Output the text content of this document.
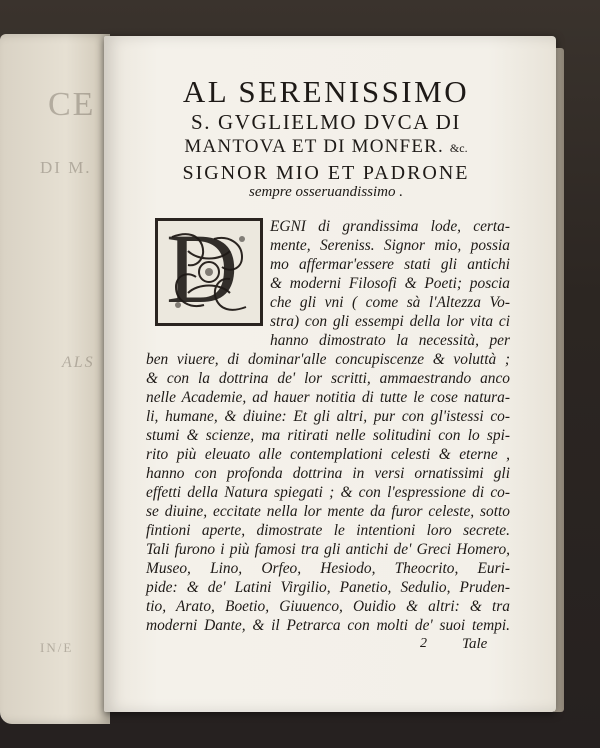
CE
DI M.
ALS
IN/E
AL SERENISSIMO
S. GVGLIELMO DVCA DI
MANTOVA ET DI MONFER. &c.
SIGNOR MIO ET PADRONE
sempre osseruandissimo .
D EGNI di grandissima lode, certa-
mente, Sereniss. Signor mio, possia
mo affermar'essere stati gli antichi
& moderni Filosofi & Poeti; poscia
che gli vni ( come sà l'Altezza Vo-
stra) con gli essempi della lor vita ci
hanno dimostrato la necessità, per
ben viuere, di dominar'alle concupiscenze & voluttà ;
& con la dottrina de' lor scritti, ammaestrando anco
nelle Academie, ad hauer notitia di tutte le cose natura-
li, humane, & diuine: Et gli altri, pur con gl'istessi co-
stumi & scienze, ma ritirati nelle solitudini con lo spi-
rito più eleuato alle contemplationi celesti & eterne ,
hanno con profonda dottrina in versi ornatissimi gli
effetti della Natura spiegati ; & con l'espressione di co-
se diuine, eccitate nella lor mente da furor celeste, sotto
fintioni aperte, dimostrate le intentioni loro secrete.
Tali furono i più famosi tra gli antichi de' Greci Homero,
Museo, Lino, Orfeo, Hesiodo, Theocrito, Euri-
pide: & de' Latini Virgilio, Panetio, Sedulio, Pruden-
tio, Arato, Boetio, Giuuenco, Ouidio & altri: & tra
moderni Dante, & il Petrarca con molti de' suoi tempi.
2 Tale
